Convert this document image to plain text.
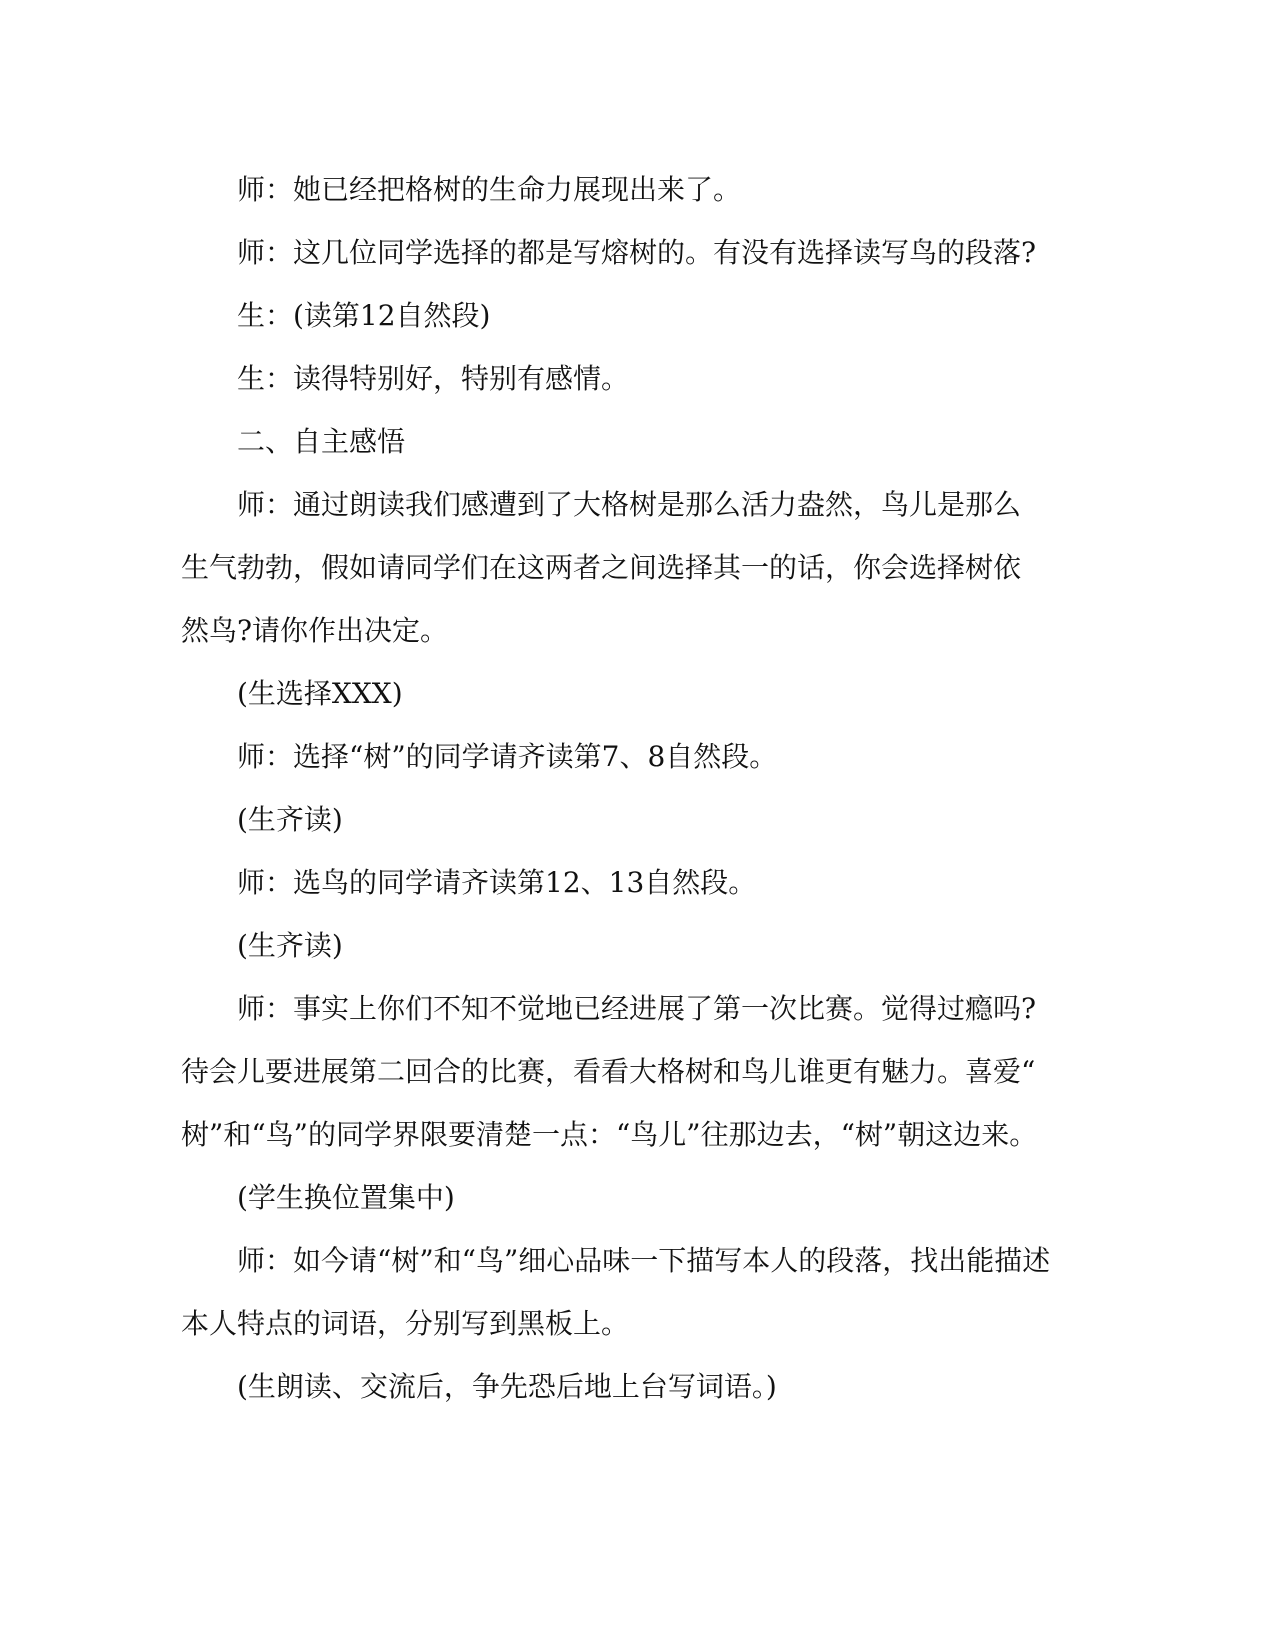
师：她已经把格树的生命力展现出来了。
师：这几位同学选择的都是写熔树的。有没有选择读写鸟的段落?
生：(读第12自然段)
生：读得特别好，特别有感情。
二、自主感悟
师：通过朗读我们感遭到了大格树是那么活力盎然，鸟儿是那么
生气勃勃，假如请同学们在这两者之间选择其一的话，你会选择树依
然鸟?请你作出决定。
(生选择XXX)
师：选择“树”的同学请齐读第7、8自然段。
(生齐读)
师：选鸟的同学请齐读第12、13自然段。
(生齐读)
师：事实上你们不知不觉地已经进展了第一次比赛。觉得过瘾吗?
待会儿要进展第二回合的比赛，看看大格树和鸟儿谁更有魅力。喜爱“
树”和“鸟”的同学界限要清楚一点：“鸟儿”往那边去，“树”朝这边来。
(学生换位置集中)
师：如今请“树”和“鸟”细心品味一下描写本人的段落，找出能描述
本人特点的词语，分别写到黑板上。
(生朗读、交流后，争先恐后地上台写词语。)
